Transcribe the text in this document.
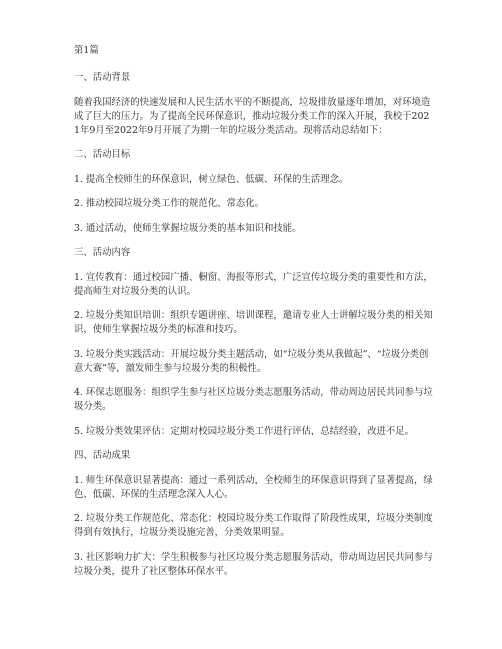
第1篇

一、活动背景

随着我国经济的快速发展和人民生活水平的不断提高，垃圾排放量逐年增加，对环境造成了巨大的压力。为了提高全民环保意识，推动垃圾分类工作的深入开展，我校于2021年9月至2022年9月开展了为期一年的垃圾分类活动。现将活动总结如下：

二、活动目标

1. 提高全校师生的环保意识，树立绿色、低碳、环保的生活理念。

2. 推动校园垃圾分类工作的规范化、常态化。

3. 通过活动，使师生掌握垃圾分类的基本知识和技能。

三、活动内容

1. 宣传教育：通过校园广播、橱窗、海报等形式，广泛宣传垃圾分类的重要性和方法，提高师生对垃圾分类的认识。

2. 垃圾分类知识培训：组织专题讲座、培训课程，邀请专业人士讲解垃圾分类的相关知识，使师生掌握垃圾分类的标准和技巧。

3. 垃圾分类实践活动：开展垃圾分类主题活动，如“垃圾分类从我做起”、“垃圾分类创意大赛”等，激发师生参与垃圾分类的积极性。

4. 环保志愿服务：组织学生参与社区垃圾分类志愿服务活动，带动周边居民共同参与垃圾分类。

5. 垃圾分类效果评估：定期对校园垃圾分类工作进行评估，总结经验，改进不足。

四、活动成果

1. 师生环保意识显著提高：通过一系列活动，全校师生的环保意识得到了显著提高，绿色、低碳、环保的生活理念深入人心。

2. 垃圾分类工作规范化、常态化：校园垃圾分类工作取得了阶段性成果，垃圾分类制度得到有效执行，垃圾分类设施完善，分类效果明显。

3. 社区影响力扩大：学生积极参与社区垃圾分类志愿服务活动，带动周边居民共同参与垃圾分类，提升了社区整体环保水平。
